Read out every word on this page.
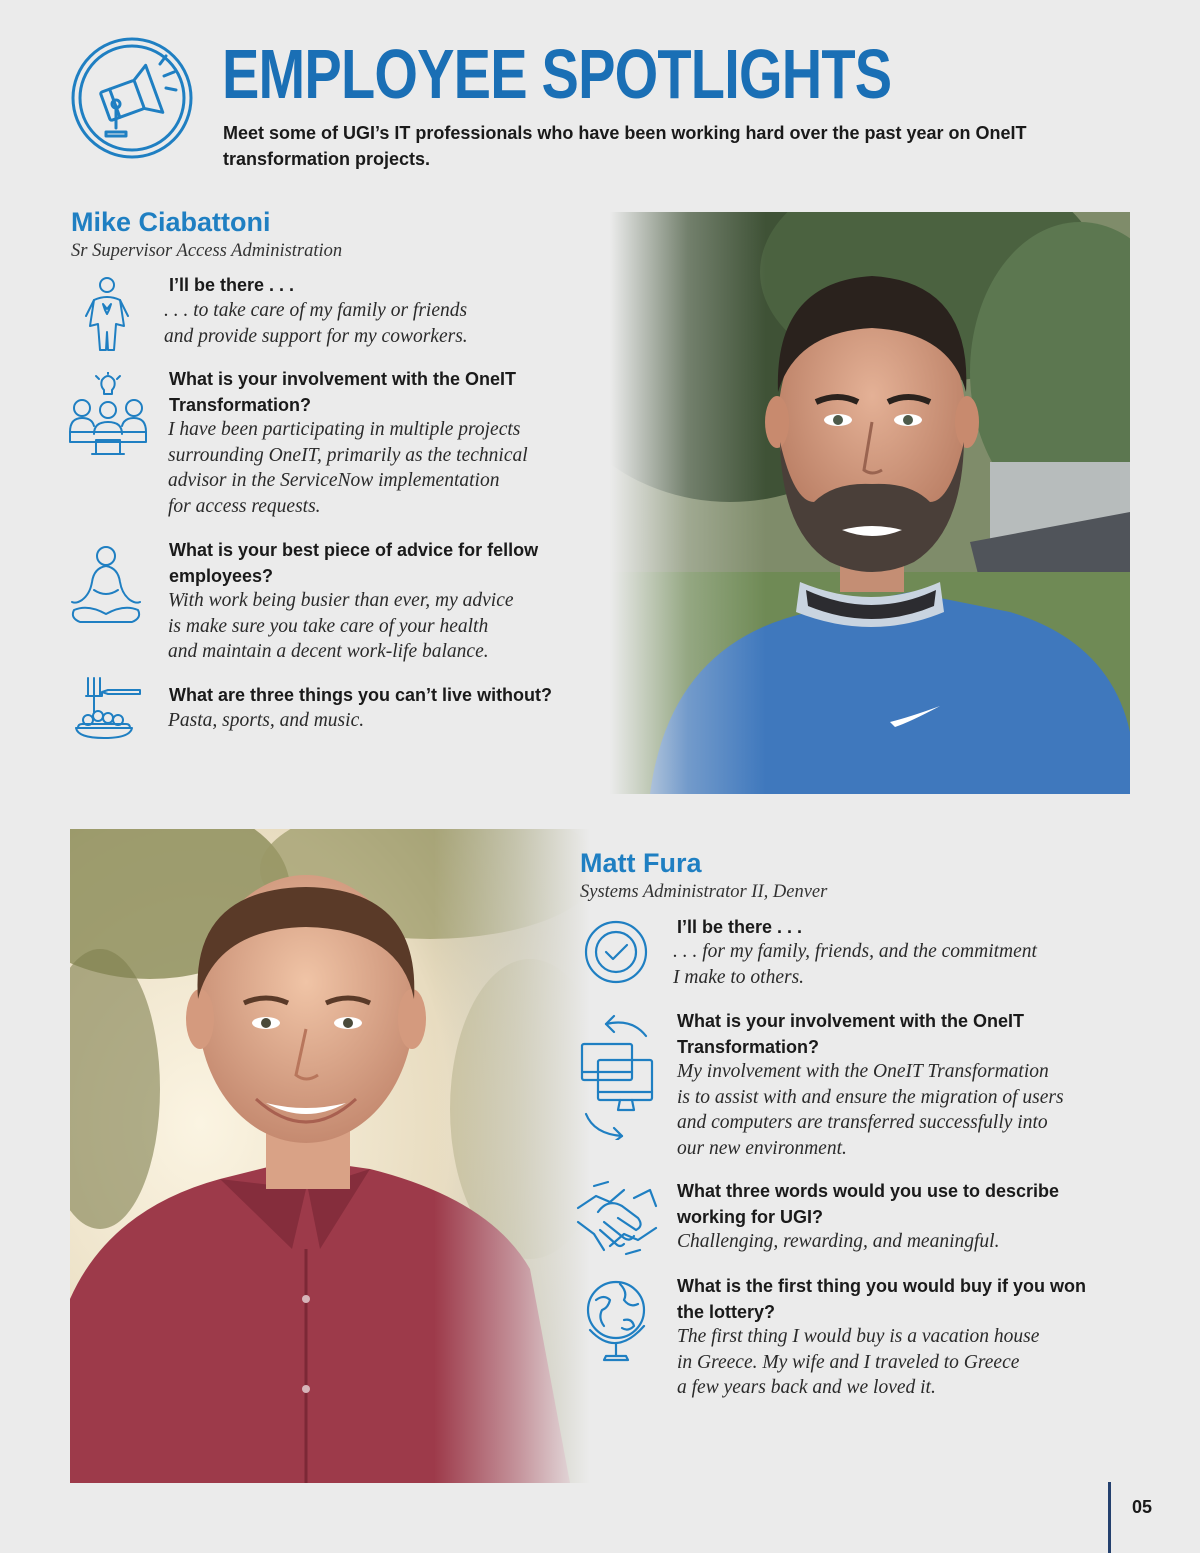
EMPLOYEE SPOTLIGHTS
Meet some of UGI’s IT professionals who have been working hard over the past year on OneIT transformation projects.
Mike Ciabattoni
Sr Supervisor Access Administration
I’ll be there . . .
. . . to take care of my family or friends
and provide support for my coworkers.
What is your involvement with the OneIT Transformation?
I have been participating in multiple projects
surrounding OneIT, primarily as the technical
advisor in the ServiceNow implementation
for access requests.
What is your best piece of advice for fellow employees?
With work being busier than ever, my advice
is make sure you take care of your health
and maintain a decent work-life balance.
What are three things you can’t live without?
Pasta, sports, and music.
Matt Fura
Systems Administrator II, Denver
I’ll be there . . .
. . . for my family, friends, and the commitment
I make to others.
What is your involvement with the OneIT Transformation?
My involvement with the OneIT Transformation
is to assist with and ensure the migration of users
and computers are transferred successfully into
our new environment.
What three words would you use to describe working for UGI?
Challenging, rewarding, and meaningful.
What is the first thing you would buy if you won the lottery?
The first thing I would buy is a vacation house
in Greece. My wife and I traveled to Greece
a few years back and we loved it.
05
